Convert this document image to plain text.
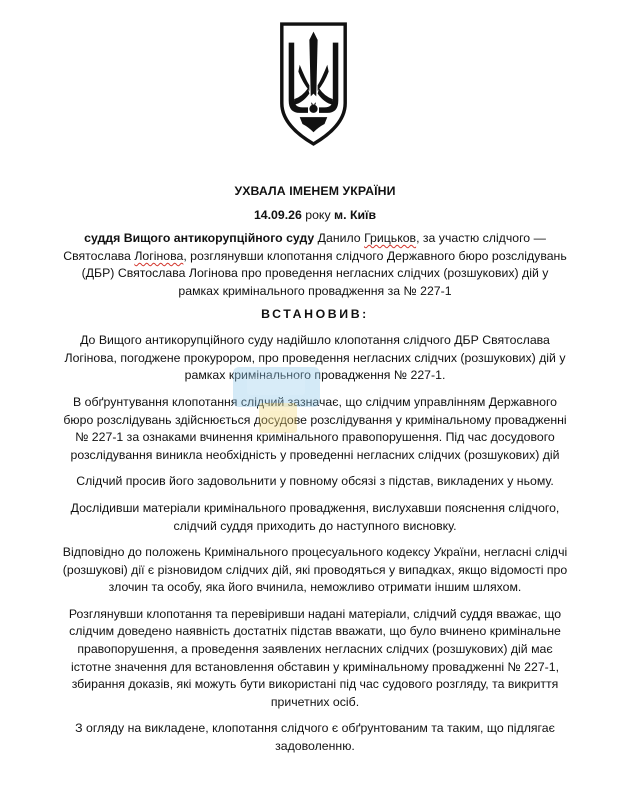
УХВАЛА ІМЕНЕМ УКРАЇНИ
14.09.26 року м. Київ
суддя Вищого антикорупційного суду Данило Грицьков, за участю слідчого — Святослава Логінова, розглянувши клопотання слідчого Державного бюро розслідувань (ДБР) Святослава Логінова про проведення негласних слідчих (розшукових) дій у рамках кримінального провадження за № 227-1
ВСТАНОВИВ:
До Вищого антикорупційного суду надійшло клопотання слідчого ДБР Святослава Логінова, погоджене прокурором, про проведення негласних слідчих (розшукових) дій у рамках кримінального провадження № 227-1.
В обґрунтування клопотання слідчий зазначає, що слідчим управлінням Державного бюро розслідувань здійснюється досудове розслідування у кримінальному провадженні № 227-1 за ознаками вчинення кримінального правопорушення. Під час досудового розслідування виникла необхідність у проведенні негласних слідчих (розшукових) дій
Слідчий просив його задовольнити у повному обсязі з підстав, викладених у ньому.
Дослідивши матеріали кримінального провадження, вислухавши пояснення слідчого, слідчий суддя приходить до наступного висновку.
Відповідно до положень Кримінального процесуального кодексу України, негласні слідчі (розшукові) дії є різновидом слідчих дій, які проводяться у випадках, якщо відомості про злочин та особу, яка його вчинила, неможливо отримати іншим шляхом.
Розглянувши клопотання та перевіривши надані матеріали, слідчий суддя вважає, що слідчим доведено наявність достатніх підстав вважати, що було вчинено кримінальне правопорушення, а проведення заявлених негласних слідчих (розшукових) дій має істотне значення для встановлення обставин у кримінальному провадженні № 227-1, збирання доказів, які можуть бути використані під час судового розгляду, та викриття причетних осіб.
З огляду на викладене, клопотання слідчого є обґрунтованим та таким, що підлягає задоволенню.
